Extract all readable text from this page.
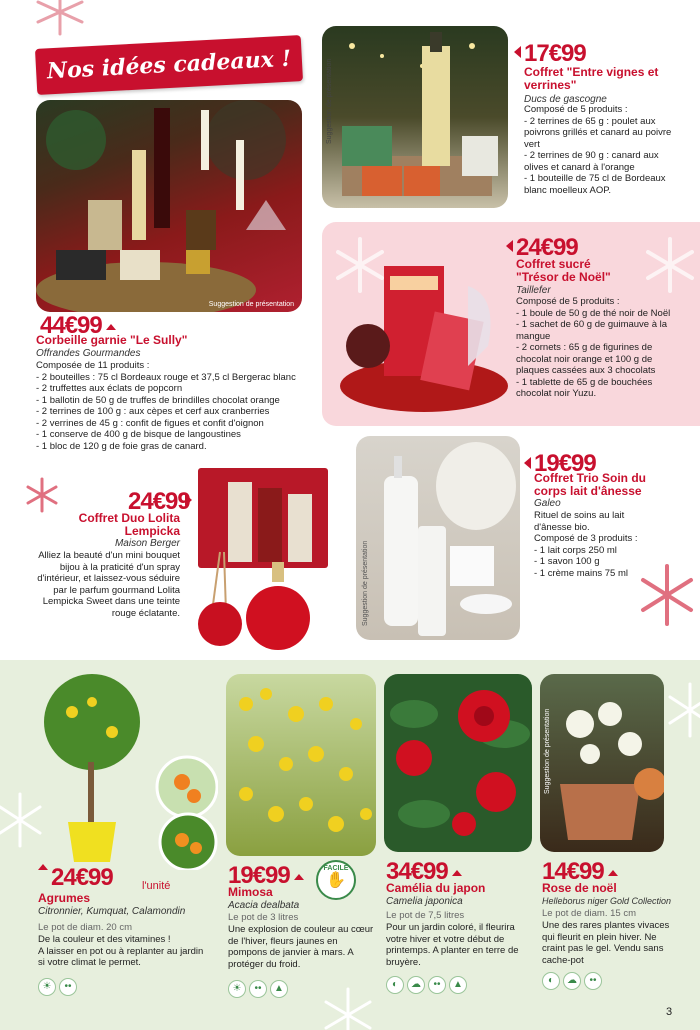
Nos idées cadeaux !
Suggestion de présentation
44€99
Corbeille garnie "Le Sully"
Offrandes Gourmandes

Composée de 11 produits :

- 2 bouteilles : 75 cl Bordeaux rouge et 37,5 cl Bergerac blanc

- 2 truffettes aux éclats de popcorn

- 1 ballotin de 50 g de truffes de brindilles chocolat orange

- 2 terrines de 100 g : aux cèpes et cerf aux cranberries

- 2 verrines de 45 g : confit de figues et confit d'oignon

- 1 conserve de 400 g de bisque de langoustines

- 1 bloc de 120 g de foie gras de canard.

Suggestion de présentation
17€99
Coffret "Entre vignes et verrines"
Ducs de gascogne

Composé de 5 produits :

- 2 terrines de 65 g : poulet aux poivrons grillés et canard au poivre vert

- 2 terrines de 90 g : canard aux olives et canard à l'orange

- 1 bouteille de 75 cl de Bordeaux blanc moelleux AOP.

24€99
Coffret sucré "Trésor de Noël"
Taillefer

Composé de 5 produits :

- 1 boule de 50 g de thé noir de Noël

- 1 sachet de 60 g de guimauve à la mangue

- 2 cornets : 65 g de figurines de chocolat noir orange et 100 g de plaques cassées aux 3 chocolats

- 1 tablette de 65 g de bouchées chocolat noir Yuzu.

24€99
Coffret Duo Lolita Lempicka
Maison Berger

Alliez la beauté d'un mini bouquet bijou à la praticité d'un spray d'intérieur, et laissez-vous séduire par le parfum gourmand Lolita Lempicka Sweet dans une teinte rouge éclatante.	Suggestion de présentation
19€99
Coffret Trio Soin du corps lait d'ânesse
Galeo

Rituel de soins au lait d'ânesse bio.

Composé de 3 produits :

- 1 lait corps 250 ml

- 1 savon 100 g

- 1 crème mains 75 ml

24€99	l'unité
Agrumes
Citronnier, Kumquat, Calamondin
Le pot de diam. 20 cm

De la couleur et des vitamines !

A laisser en pot ou à replanter au jardin si votre climat le permet.

☀ ••
19€99	FACILE
✋
Mimosa
Acacia dealbata
Le pot de 3 litres

Une explosion de couleur au cœur de l'hiver, fleurs jaunes en pompons de janvier à mars. A protéger du froid.

☀ •• ▲
34€99
Camélia du japon
Camelia japonica
Le pot de 7,5 litres

Pour un jardin coloré, il fleurira votre hiver et votre début de printemps. A planter en terre de bruyère.

◐ ☁ •• ▲
Suggestion de présentation
14€99
Rose de noël
Helleborus niger Gold Collection
Le pot de diam. 15 cm

Une des rares plantes vivaces qui fleurit en plein hiver. Ne craint pas le gel. Vendu sans cache-pot

◐ ☁ ••
3
